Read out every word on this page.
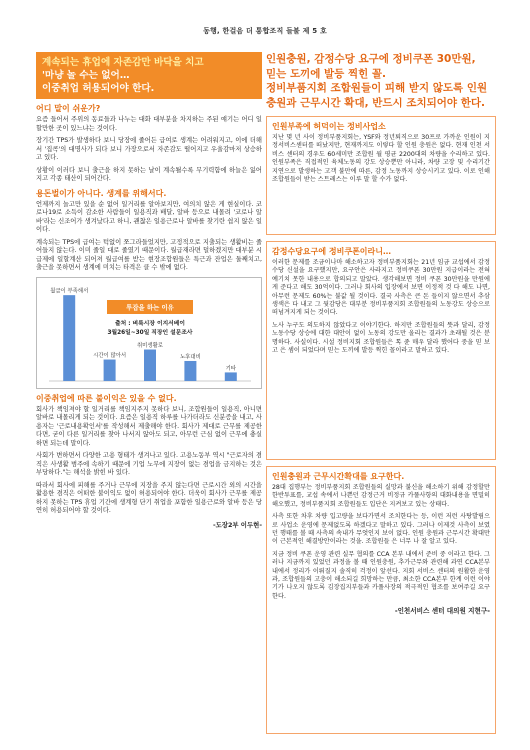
동행, 한걸음 더 통합조직 들불 제 5 호
계속되는 휴업에 자존감만 바닥을 치고
'마냥 놀 수는 없어…
이중취업 허용되어야 한다.
어디 말이 쉬운가?

요즘 들어서 주위의 동료들과 나누는 대화 대부분을 차지하는 주된 얘기는 어디 일할만한 곳이 있느냐는 것이다.

장기간 TPS가 발생하다 보니 당장에 줄어든 급여로 생계는 어려워지고, 이에 더해서 '집콕'의 대명사가 되다 보니 가장으로서 자존감도 떨어지고 우울감마저 상승하고 있다.

상황이 이러다 보니 출근을 하지 못하는 날이 계속될수록 무기력함에 하늘은 잃어지고 각종 태산이 되어간다.

용돈벌이가 아니다. 생계를 위해서다.

언제까지 놀고만 있을 순 없어 일거리를 알아보지만, 여의치 않은 게 현실이다. 코로나19로 소득이 감소한 사람들이 일용직과 배달, 알바 등으로 내몰려 '코로나 알바'라는 신조어가 생겨났다고 하니, 괜찮은 일용근로나 알바를 찾기란 쉽지 않은 일이다.

계속되는 TPS에 급여는 턱없이 쪼그라들었지만, 고정적으로 지출되는 생활비는 줄어들지 않는다. 이미 줄일 대로 줄였기 때문이다. 월급재라면 덜하겠지만 대부분 시급제에 일할계산 되어져 월급여를 받는 현장조합원들은 특근과 잔업은 둘째치고, 출근을 못하면서 생계에 미치는 타격은 클 수 밖에 없다.

월급이 부족해서
시간이 많아서
취미생활로
노후대비
기타
투잡을 하는 이유
출처 : 벼룩시장 이지서베이
3월26일~30일 직장인 설문조사
이중취업에 따른 불이익은 있을 수 없다.

회사가 책임져야 할 일거리를 책임지주지 못하다 보니, 조합원들이 일용직, 아니면 알바로 내몰리게 되는 것이다. 요즘은 일용직 하루를 나가더라도 신분증을 내고, 사용자는 '근로내용확인서'를 작성해서 제출해야 한다. 회사가 제대로 근무를 제공한다면, 굳이 다른 일거리를 찾아 나서지 않아도 되고, 아무런 근심 없이 근무에 충실하면 되는데 말이다.

사회가 변하면서 다양한 고용 형태가 생겨나고 있다. 고용노동부 역시 "근로자의 겸직은 사생활 범주에 속하기 때문에 기업 노무에 지장이 없는 겸업을 금지하는 것은 부당하다."는 해석을 밝힌 바 있다.

따라서 회사에 피해를 주거나 근무에 지장을 주지 않는다면 근로시간 외의 시간을 활용한 겸직은 어떠한 불이익도 없이 허용되어야 한다. 더욱이 회사가 근무를 제공하지 못하는 TPS 휴업 기간에 생계형 단기 취업을 포함한 일용근로와 알바 등은 당연히 허용되어야 할 것이다.

-도장2부 이두현-
인원충원, 감정수당 요구에 정비쿠폰 30만원,
믿는 도끼에 발등 찍힌 꼴.
정비부품지회 조합원들이 피해 받지 않도록 인원
충원과 근무시간 확대, 반드시 조치되어야 한다.
인원부족에 허덕이는 정비사업소

지난 몇 년 사이 정비부품지회는, YSF와 정년퇴직으로 30프로 가까운 인원이 지정서비스센터를 떠났지만, 현재까지도 이렇다 할 인원 충원은 없다. 현재 인천 서비스 센터의 경우도 60세미만 조합원 월 평균 2200대의 차량을 수리하고 있다. 인원부족은 직접적인 육체노동의 강도 상승뿐만 아니라, 차량 고장 및 수리기간 지연으로 발생하는 고객 불만에 따른, 감정 노동까지 상승시키고 있다. 이로 인해 조합원들이 받는 스트레스는 이루 말 할 수가 없다.

감정수당요구에 정비쿠폰이라니…

이러한 문제를 조금이나마 해소하고자 정비부품지회는 21년 임금 교섭에서 감정 수당 신설을 요구했지만, 요구안은 사라지고 정비쿠폰 30만원 지급이라는 전혀 예기치 못한 내용으로 합의되고 말았다. 생각해보면 정비 쿠폰 30만원을 만원에게 준다고 해도 30억이다. 그러나 회사의 입장에서 보면 이정적 것 다 해도 나면, 아무런 문제도 60%는 불값 될 것이다. 결국 사측은 큰 돈 들이지 않으면서 추삼 생색은 다 내고 그 뒷감당은 대부분 정비부품지회 조합원들의 노동강도 상승으로 떠넘겨지게 되는 것이다.

노사 누구도 의도하지 않았다고 이야기한다. 하지만 조합원들의 뜻과 달리, 감정노동수당 상승에 대한 대안이 없이 노동의 강도만 올리는 결과가 초래될 것은 분명하다. 사실이다. 시설 정비지회 조합원들은 톡 쥰 매우 달라 했어다 중을 믿 보고 은 셈이 되었다며 믿는 도끼에 발등 찍힌 꼴이라고 말하고 있다.

인원충원과 근무시간확대를 요구한다.

28대 집행부는 정비부품지회 조합원들의 실망과 불신을 해소하기 위해 감정할만 한반투표를, 교섭 속에서 나쁜던 감정근거 비정규 카풀사항의 대화내용을 면밀히 해오했고, 정비부품지회 조합원들도 입단은 지켜보고 있는 상태다.

사측 또한 차후 차량 입고량을 보다가면서 조치한다는 등, 이런 저런 사탕발림으로 사업소 운영에 문제없도록 하겠다고 말하고 있다. 그러나 이제것 사측이 보였던 행태를 볼 때 사측의 속내가 무엇인지 보이 없다. 인원 충원과 근무시간 확대만이 근본적인 해결방안이라는 것을. 조합원들 은 너무 나 잘 알고 있다.

지금 정비 쿠폰 운영 관련 실무 협의를 CCA 본부 내에서 준비 중 이라고 한다. 그러나 지금까지 있었던 과정을 볼 때 인원충원, 추가근무와 관련해 과연 CCA본부 내에서 정리가 이뤄질지 솔직히 걱정이 앞선다. 지회 서비스 센터의 원활한 운영과, 조합원들의 고충이 해소되길 희망하는 만큼, 최소한 CCA본부 한계 이런 이야기가 나오지 않도록 김장집지부들과 카풀사장의 적극적인 협조를 보여주길 요구한다.

-인천서비스 센터 대의원 지현구-
